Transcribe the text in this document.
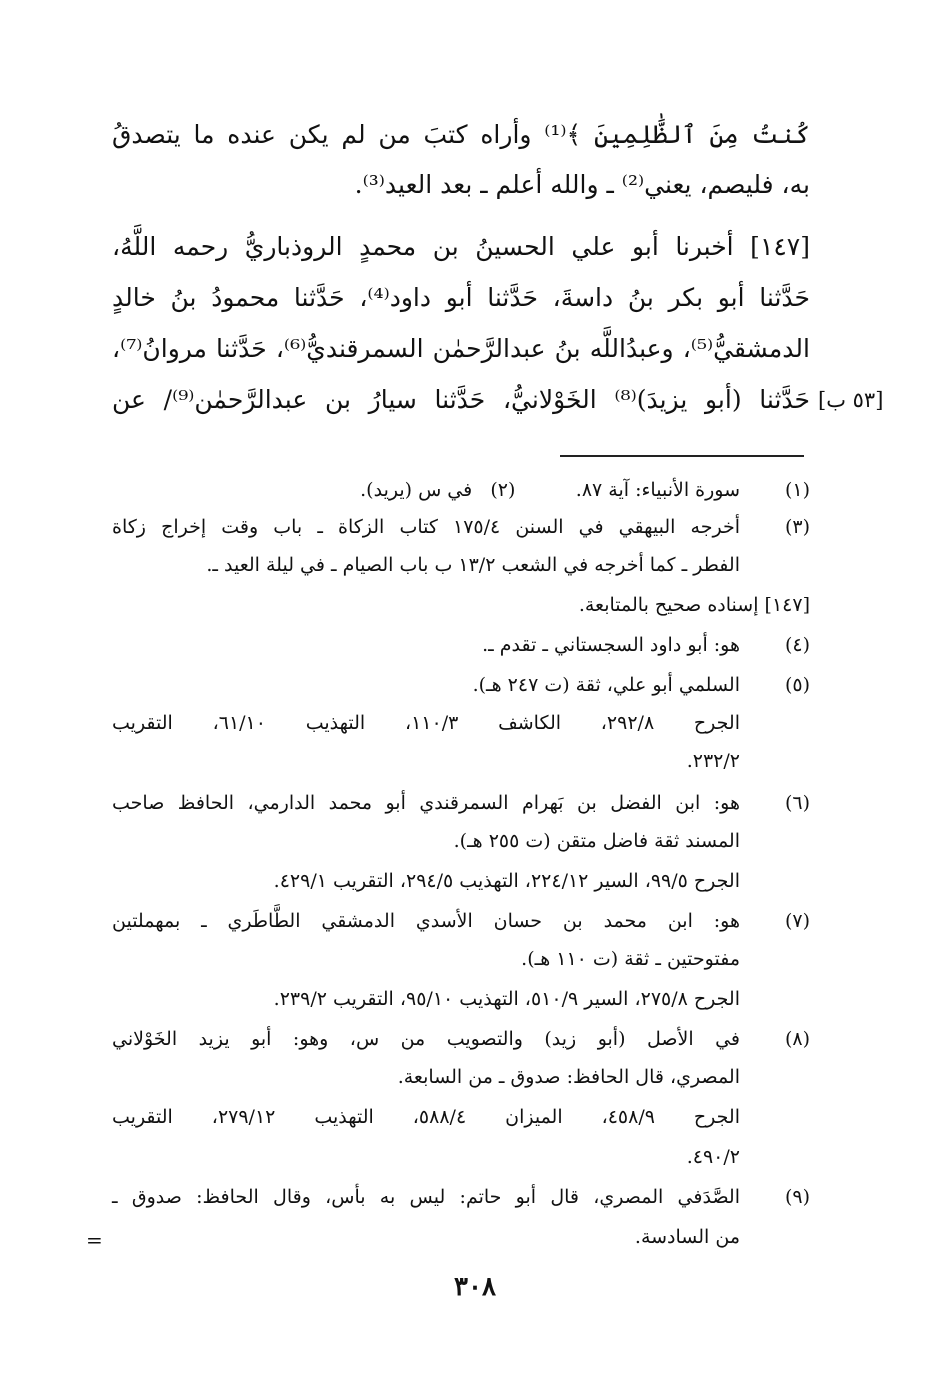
كُنتُ مِنَ ٱلظَّٰلِمِينَ ﴾⁽¹⁾ وأراه كتبَ من لم يكن عنده ما يتصدقُ
به، فليصم، يعني⁽²⁾ ـ والله أعلم ـ بعد العيد⁽³⁾.
[١٤٧] أخبرنا أبو علي الحسينُ بن محمدٍ الروذباريُّ رحمه اللَّهُ،
حَدَّثنا أبو بكر بنُ داسةَ، حَدَّثنا أبو داود⁽⁴⁾، حَدَّثنا محمودُ بنُ خالدٍ
الدمشقيُّ⁽⁵⁾، وعبدُاللَّه بنُ عبدالرَّحمٰن السمرقنديُّ⁽⁶⁾، حَدَّثنا مروانُ⁽⁷⁾،
حَدَّثنا (أبو يزيدَ)⁽⁸⁾ الخَوْلانيُّ، حَدَّثنا سيارُ بن عبدالرَّحمٰن⁽⁹⁾/ عن [٥٣ ب]
(١)
سورة الأنبياء: آية ٨٧.          (٢)   في س (يريد).
(٣)
أخرجه البيهقي في السنن ١٧٥/٤ كتاب الزكاة ـ باب وقت إخراج زكاة
الفطر ـ كما أخرجه في الشعب ١٣/٢ ب باب الصيام ـ في ليلة العيد ـ.
[١٤٧] إسناده صحيح بالمتابعة.
(٤)
هو: أبو داود السجستاني ـ تقدم ـ.
(٥)
السلمي أبو علي، ثقة (ت ٢٤٧ هـ).
الجرح ٢٩٢/٨، الكاشف ١١٠/٣، التهذيب ٦١/١٠، التقريب
٢٣٢/٢.
(٦)
هو: ابن الفضل بن بَهرام السمرقندي أبو محمد الدارمي، الحافظ صاحب
المسند ثقة فاضل متقن (ت ٢٥٥ هـ).
الجرح ٩٩/٥، السير ٢٢٤/١٢، التهذيب ٢٩٤/٥، التقريب ٤٢٩/١.
(٧)
هو: ابن محمد بن حسان الأسدي الدمشقي الطَّاطَري ـ بمهملتين
مفتوحتين ـ ثقة (ت ١١٠ هـ).
الجرح ٢٧٥/٨، السير ٥١٠/٩، التهذيب ٩٥/١٠، التقريب ٢٣٩/٢.
(٨)
في الأصل (أبو زيد) والتصويب من س، وهو: أبو يزيد الخَوْلاني
المصري، قال الحافظ: صدوق ـ من السابعة.
الجرح ٤٥٨/٩، الميزان ٥٨٨/٤، التهذيب ٢٧٩/١٢، التقريب
٤٩٠/٢.
(٩)
الصَّدَفي المصري، قال أبو حاتم: ليس به بأس، وقال الحافظ: صدوق ـ
من السادسة.
=
٣٠٨
